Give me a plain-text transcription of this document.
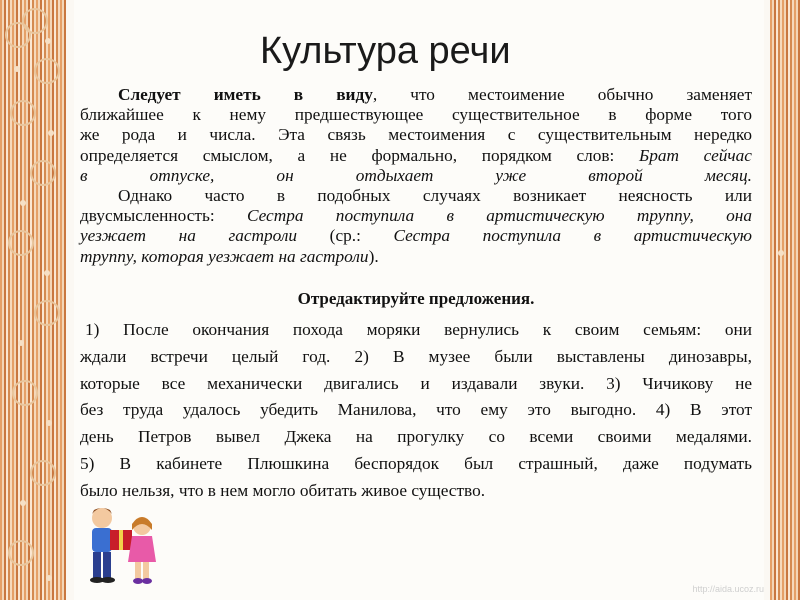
Культура речи
Следует иметь в виду, что местоимение обычно заменяет
ближайшее к нему предшествующее существительное в форме того
же рода и числа. Эта связь местоимения с существительным нередко
определяется смыслом, а не формально, порядком слов: Брат сейчас
в отпуске, он отдыхает уже второй месяц.
Однако часто в подобных случаях возникает неясность или
двусмысленность: Сестра поступила в артистическую труппу, она
уезжает на гастроли (ср.: Сестра поступила в артистическую
труппу, которая уезжает на гастроли).
Отредактируйте предложения.
1) После окончания похода моряки вернулись к своим семьям: они
ждали встречи целый год. 2) В музее были выставлены динозавры,
которые все механически двигались и издавали звуки. 3) Чичикову не
без труда удалось убедить Манилова, что ему это выгодно. 4) В этот
день Петров вывел Джека на прогулку со всеми своими медалями.
5) В кабинете Плюшкина беспорядок был страшный, даже подумать
было нельзя, что в нем могло обитать живое существо.
http://aida.ucoz.ru
